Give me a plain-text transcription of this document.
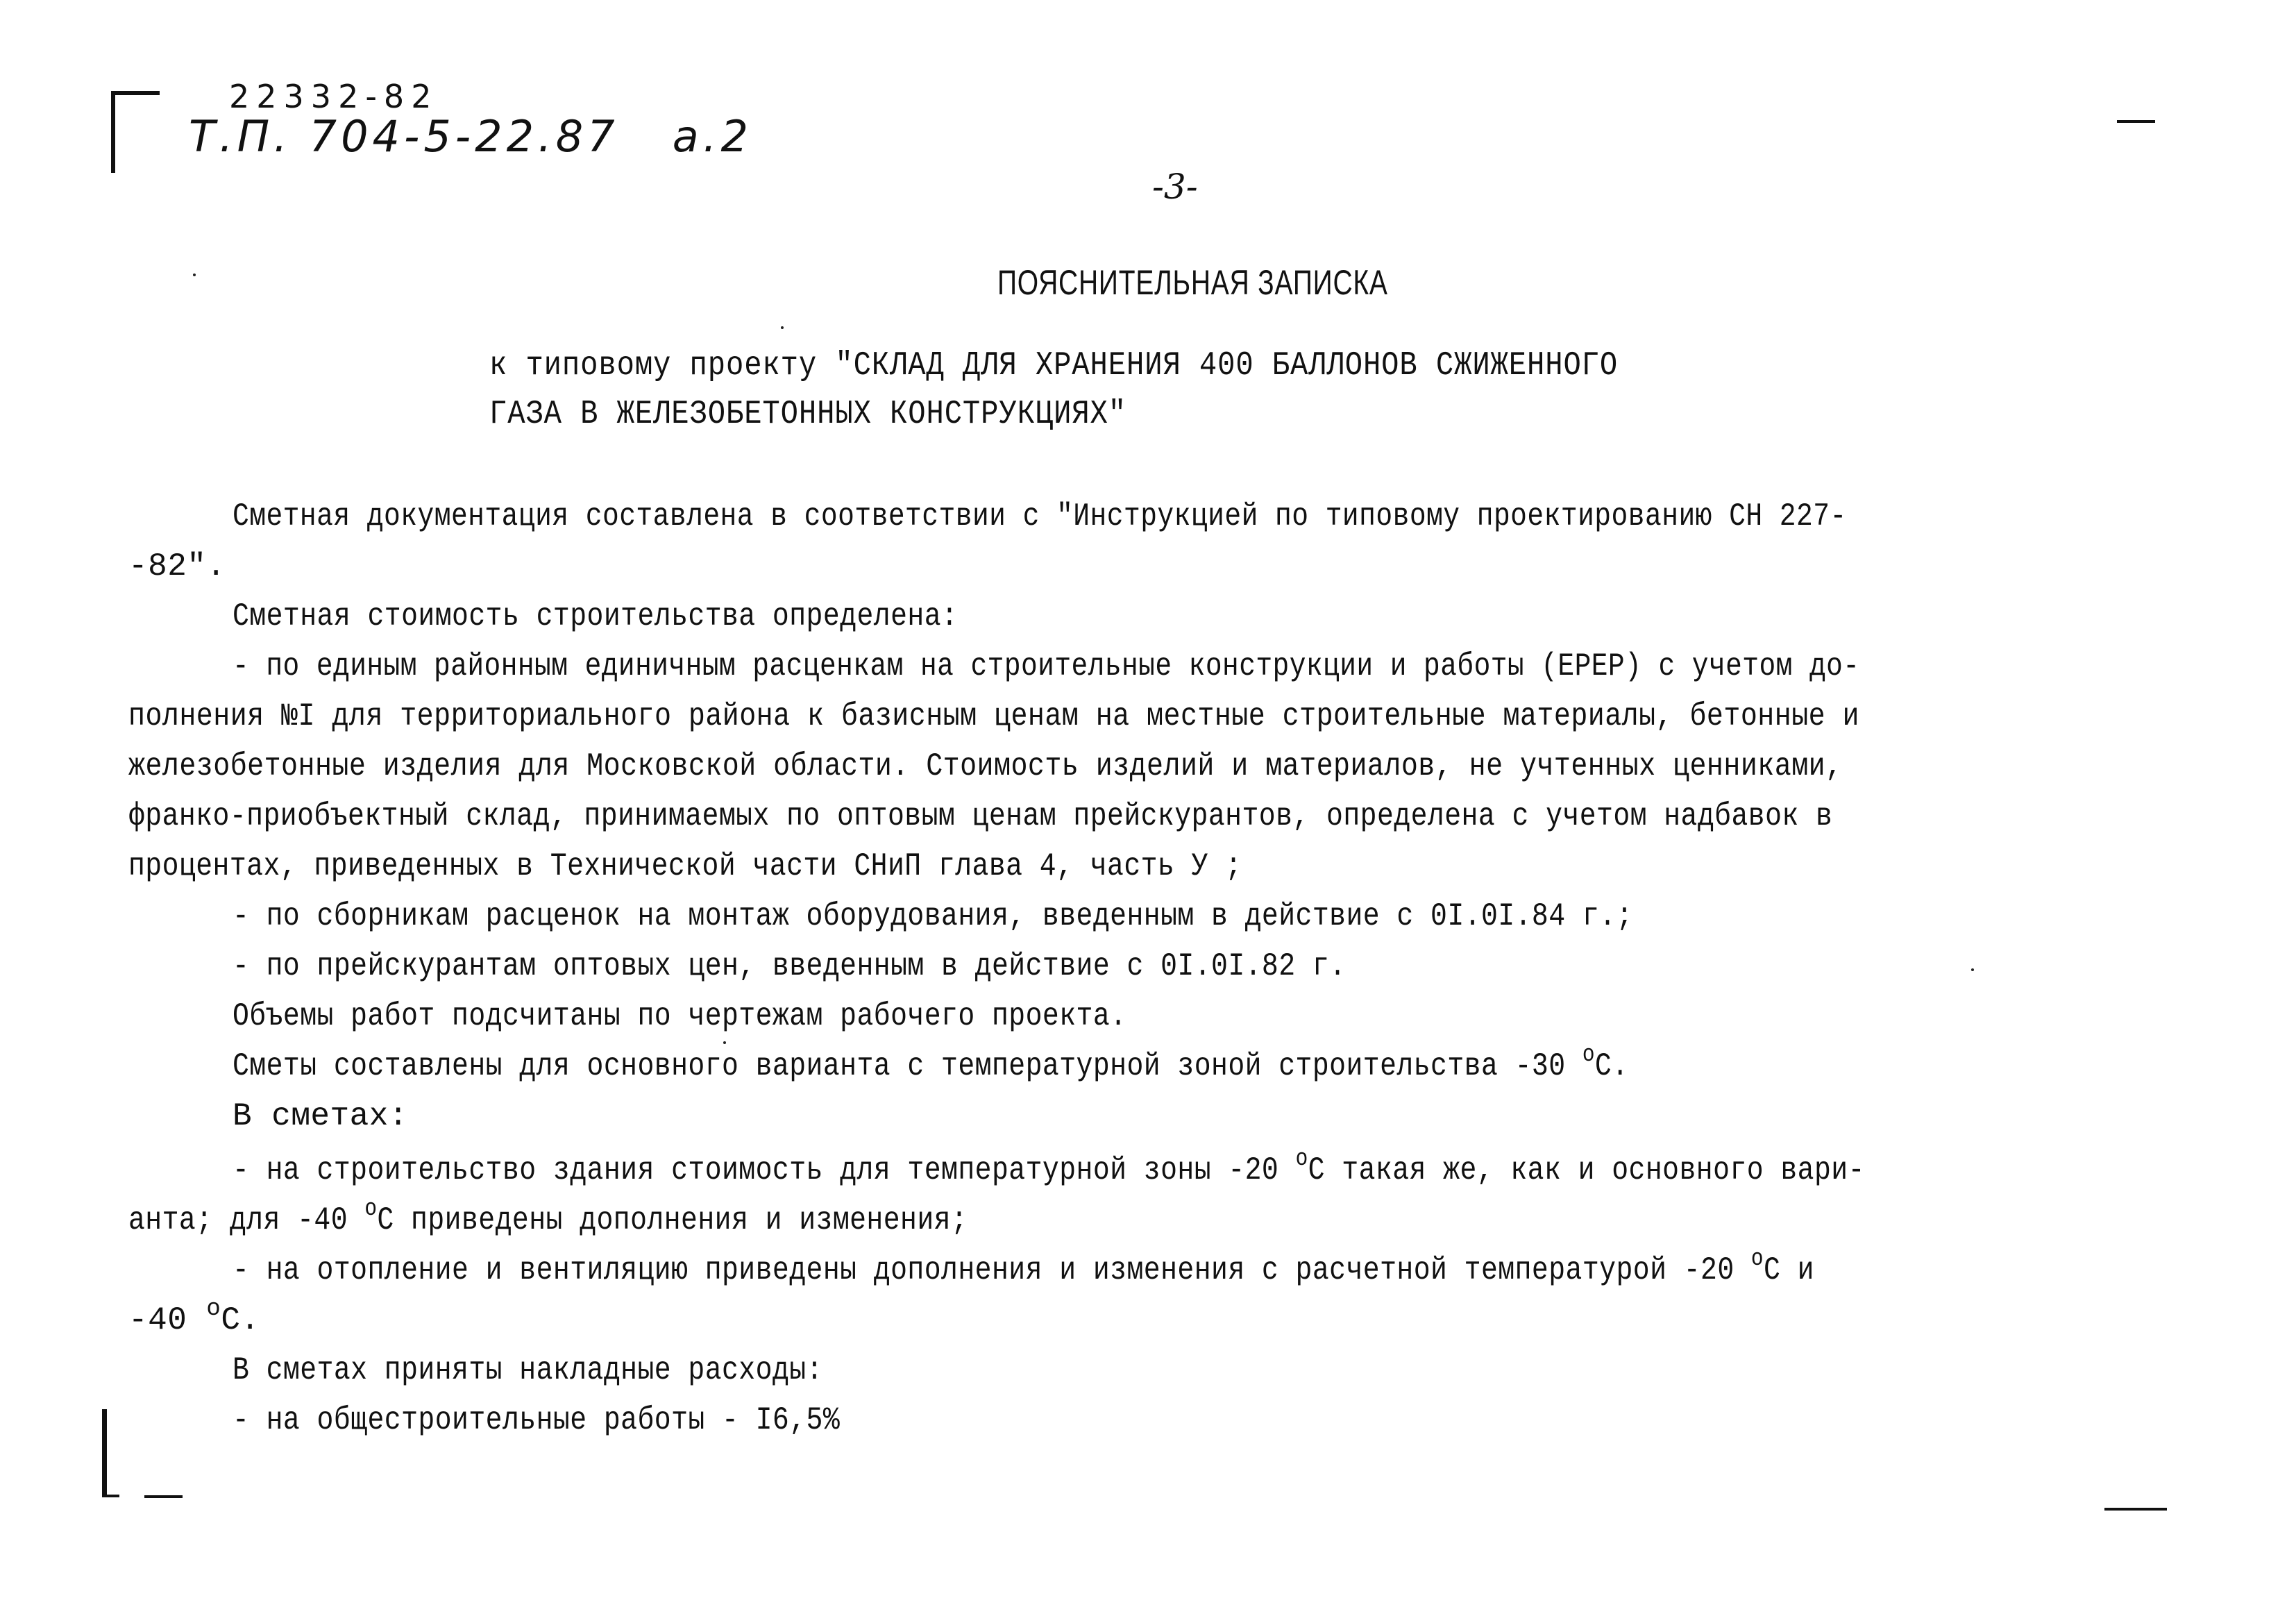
22332-82
Т.П. 704-5-22.87   а.2
-3-
ПОЯСНИТЕЛЬНАЯ ЗАПИСКА
к типовому проекту "СКЛАД ДЛЯ ХРАНЕНИЯ 400 БАЛЛОНОВ СЖИЖЕННОГО
ГАЗА В ЖЕЛЕЗОБЕТОННЫХ КОНСТРУКЦИЯХ"
Сметная документация составлена в соответствии с "Инструкцией по типовому проектированию СН 227-
-82".
Сметная стоимость строительства определена:
- по единым районным единичным расценкам на строительные конструкции и работы (ЕРЕР) с учетом до-
полнения №I для территориального района к базисным ценам на местные строительные материалы, бетонные и
железобетонные изделия для Московской области. Стоимость изделий и материалов, не учтенных ценниками,
франко-приобъектный склад, принимаемых по оптовым ценам прейскурантов, определена с учетом надбавок в
процентах, приведенных в Технической части СНиП глава 4, часть У ;
- по сборникам расценок на монтаж оборудования, введенным в действие с 0I.0I.84 г.;
- по прейскурантам оптовых цен, введенным в действие с 0I.0I.82 г.
Объемы работ подсчитаны по чертежам рабочего проекта.
Сметы составлены для основного варианта с температурной зоной строительства -30 $^o$С.
В сметах:
- на строительство здания стоимость для температурной зоны -20 $^o$С такая же, как и основного вари-
анта; для -40 $^o$С приведены дополнения и изменения;
- на отопление и вентиляцию приведены дополнения и изменения с расчетной температурой -20 $^o$С и
-40 $^o$С.
В сметах приняты накладные расходы:
- на общестроительные работы - I6,5%
